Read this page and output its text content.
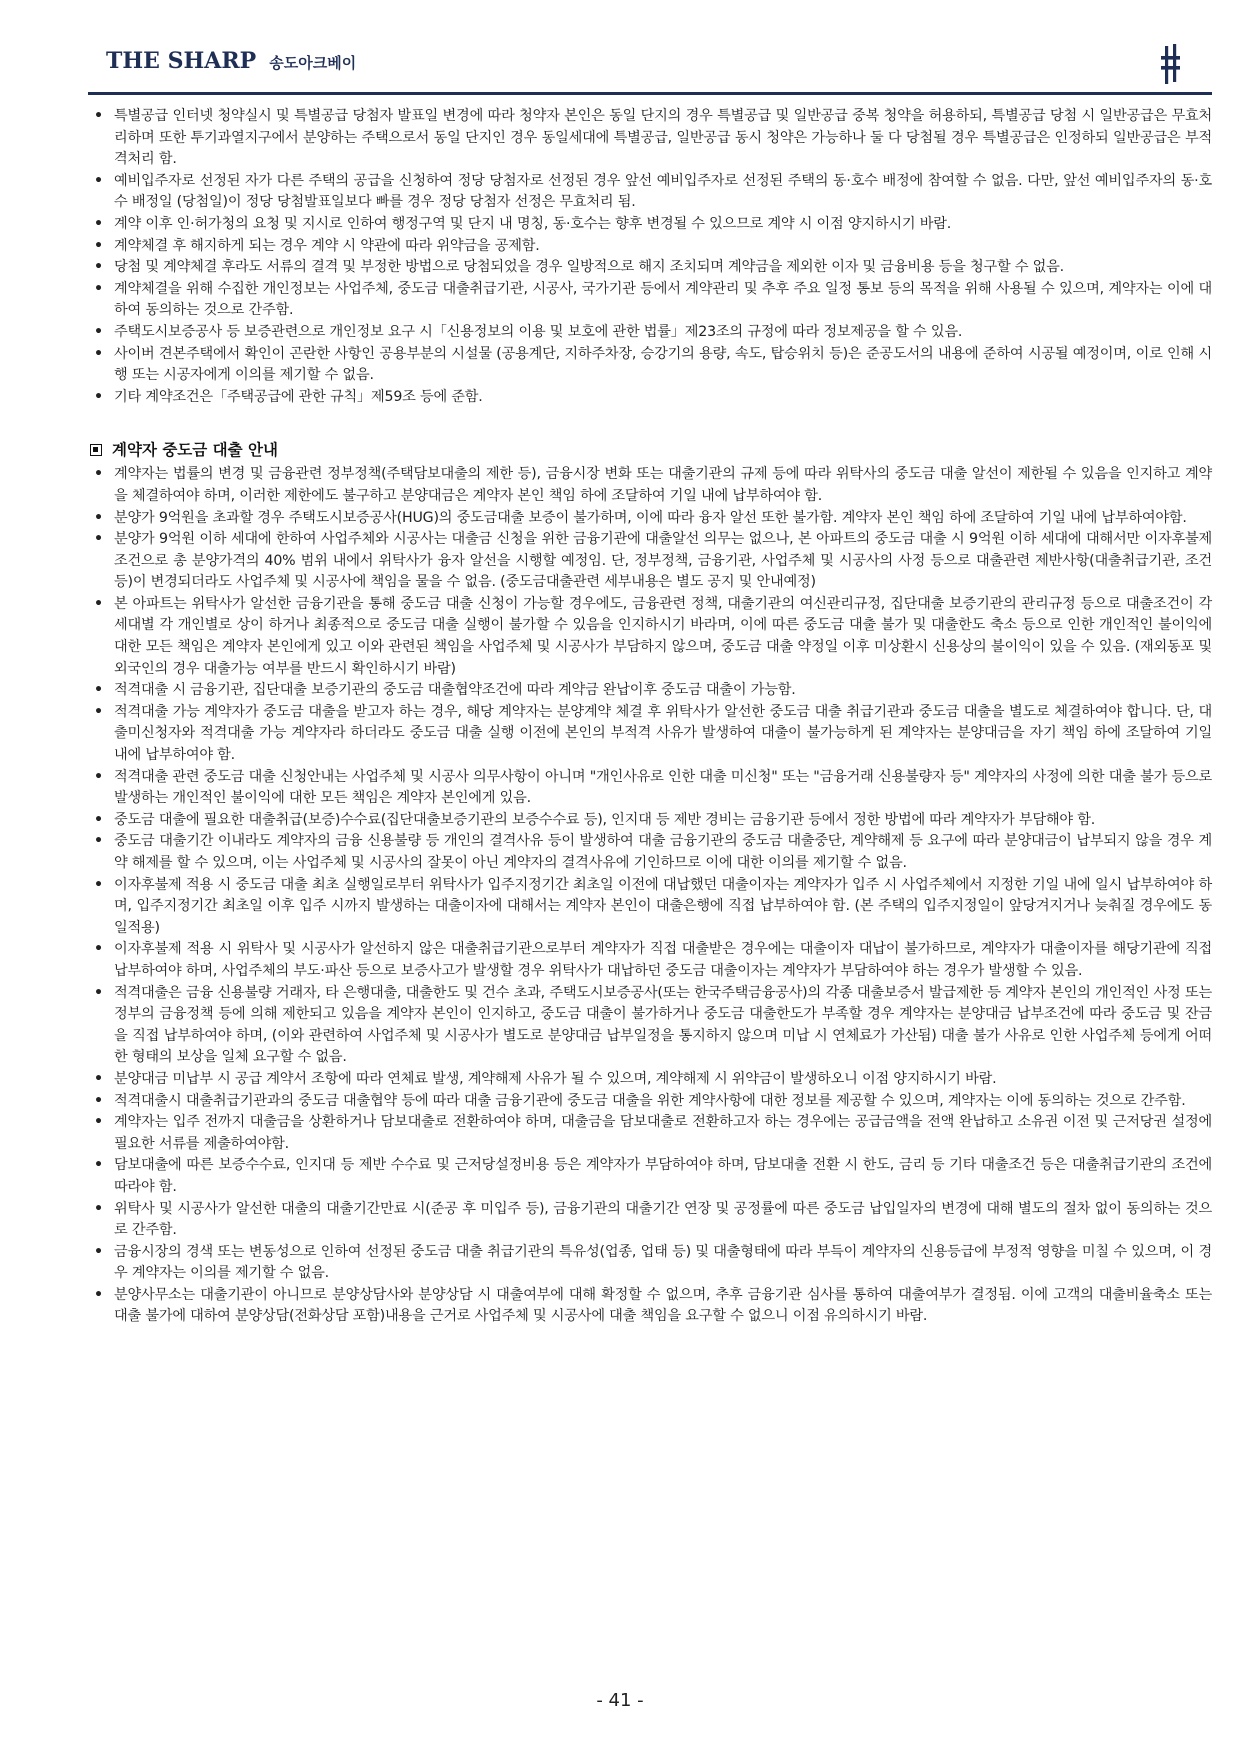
THE SHARP 송도아크베이
• 특별공급 인터넷 청약실시 및 특별공급 당첨자 발표일 변경에 따라 청약자 본인은 동일 단지의 경우 특별공급 및 일반공급 중복 청약을 허용하되, 특별공급 당첨 시 일반공급은 무효처리하며 또한 투기과열지구에서 분양하는 주택으로서 동일 단지인 경우 동일세대에 특별공급, 일반공급 동시 청약은 가능하나 둘 다 당첨될 경우 특별공급은 인정하되 일반공급은 부적격처리 함.
• 예비입주자로 선정된 자가 다른 주택의 공급을 신청하여 정당 당첨자로 선정된 경우 앞선 예비입주자로 선정된 주택의 동·호수 배정에 참여할 수 없음. 다만, 앞선 예비입주자의 동·호수 배정일 (당첨일)이 정당 당첨발표일보다 빠를 경우 정당 당첨자 선정은 무효처리 됨.
• 계약 이후 인·허가청의 요청 및 지시로 인하여 행정구역 및 단지 내 명칭, 동·호수는 향후 변경될 수 있으므로 계약 시 이점 양지하시기 바람.
• 계약체결 후 해지하게 되는 경우 계약 시 약관에 따라 위약금을 공제함.
• 당첨 및 계약체결 후라도 서류의 결격 및 부정한 방법으로 당첨되었을 경우 일방적으로 해지 조치되며 계약금을 제외한 이자 및 금융비용 등을 청구할 수 없음.
• 계약체결을 위해 수집한 개인정보는 사업주체, 중도금 대출취급기관, 시공사, 국가기관 등에서 계약관리 및 추후 주요 일정 통보 등의 목적을 위해 사용될 수 있으며, 계약자는 이에 대하여 동의하는 것으로 간주함.
• 주택도시보증공사 등 보증관련으로 개인정보 요구 시「신용정보의 이용 및 보호에 관한 법률」제23조의 규정에 따라 정보제공을 할 수 있음.
• 사이버 견본주택에서 확인이 곤란한 사항인 공용부분의 시설물 (공용계단, 지하주차장, 승강기의 용량, 속도, 탑승위치 등)은 준공도서의 내용에 준하여 시공될 예정이며, 이로 인해 시행 또는 시공자에게 이의를 제기할 수 없음.
• 기타 계약조건은「주택공급에 관한 규칙」제59조 등에 준함.
계약자 중도금 대출 안내
• 계약자는 법률의 변경 및 금융관련 정부정책(주택담보대출의 제한 등), 금융시장 변화 또는 대출기관의 규제 등에 따라 위탁사의 중도금 대출 알선이 제한될 수 있음을 인지하고 계약을 체결하여야 하며, 이러한 제한에도 불구하고 분양대금은 계약자 본인 책임 하에 조달하여 기일 내에 납부하여야 함.
• 분양가 9억원을 초과할 경우 주택도시보증공사(HUG)의 중도금대출 보증이 불가하며, 이에 따라 융자 알선 또한 불가함. 계약자 본인 책임 하에 조달하여 기일 내에 납부하여야함.
• 분양가 9억원 이하 세대에 한하여 사업주체와 시공사는 대출금 신청을 위한 금융기관에 대출알선 의무는 없으나, 본 아파트의 중도금 대출 시 9억원 이하 세대에 대해서만 이자후불제 조건으로 총 분양가격의 40% 범위 내에서 위탁사가 융자 알선을 시행할 예정임. 단, 정부정책, 금융기관, 사업주체 및 시공사의 사정 등으로 대출관련 제반사항(대출취급기관, 조건 등)이 변경되더라도 사업주체 및 시공사에 책임을 물을 수 없음. (중도금대출관련 세부내용은 별도 공지 및 안내예정)
• 본 아파트는 위탁사가 알선한 금융기관을 통해 중도금 대출 신청이 가능할 경우에도, 금융관련 정책, 대출기관의 여신관리규정, 집단대출 보증기관의 관리규정 등으로 대출조건이 각 세대별 각 개인별로 상이 하거나 최종적으로 중도금 대출 실행이 불가할 수 있음을 인지하시기 바라며, 이에 따른 중도금 대출 불가 및 대출한도 축소 등으로 인한 개인적인 불이익에 대한 모든 책임은 계약자 본인에게 있고 이와 관련된 책임을 사업주체 및 시공사가 부담하지 않으며, 중도금 대출 약정일 이후 미상환시 신용상의 불이익이 있을 수 있음. (재외동포 및 외국인의 경우 대출가능 여부를 반드시 확인하시기 바람)
• 적격대출 시 금융기관, 집단대출 보증기관의 중도금 대출협약조건에 따라 계약금 완납이후 중도금 대출이 가능함.
• 적격대출 가능 계약자가 중도금 대출을 받고자 하는 경우, 해당 계약자는 분양계약 체결 후 위탁사가 알선한 중도금 대출 취급기관과 중도금 대출을 별도로 체결하여야 합니다. 단, 대출미신청자와 적격대출 가능 계약자라 하더라도 중도금 대출 실행 이전에 본인의 부적격 사유가 발생하여 대출이 불가능하게 된 계약자는 분양대금을 자기 책임 하에 조달하여 기일 내에 납부하여야 함.
• 적격대출 관련 중도금 대출 신청안내는 사업주체 및 시공사 의무사항이 아니며 "개인사유로 인한 대출 미신청" 또는 "금융거래 신용불량자 등" 계약자의 사정에 의한 대출 불가 등으로 발생하는 개인적인 불이익에 대한 모든 책임은 계약자 본인에게 있음.
• 중도금 대출에 필요한 대출취급(보증)수수료(집단대출보증기관의 보증수수료 등), 인지대 등 제반 경비는 금융기관 등에서 정한 방법에 따라 계약자가 부담해야 함.
• 중도금 대출기간 이내라도 계약자의 금융 신용불량 등 개인의 결격사유 등이 발생하여 대출 금융기관의 중도금 대출중단, 계약해제 등 요구에 따라 분양대금이 납부되지 않을 경우 계약 해제를 할 수 있으며, 이는 사업주체 및 시공사의 잘못이 아닌 계약자의 결격사유에 기인하므로 이에 대한 이의를 제기할 수 없음.
• 이자후불제 적용 시 중도금 대출 최초 실행일로부터 위탁사가 입주지정기간 최초일 이전에 대납했던 대출이자는 계약자가 입주 시 사업주체에서 지정한 기일 내에 일시 납부하여야 하며, 입주지정기간 최초일 이후 입주 시까지 발생하는 대출이자에 대해서는 계약자 본인이 대출은행에 직접 납부하여야 함. (본 주택의 입주지정일이 앞당겨지거나 늦춰질 경우에도 동일적용)
• 이자후불제 적용 시 위탁사 및 시공사가 알선하지 않은 대출취급기관으로부터 계약자가 직접 대출받은 경우에는 대출이자 대납이 불가하므로, 계약자가 대출이자를 해당기관에 직접 납부하여야 하며, 사업주체의 부도·파산 등으로 보증사고가 발생할 경우 위탁사가 대납하던 중도금 대출이자는 계약자가 부담하여야 하는 경우가 발생할 수 있음.
• 적격대출은 금융 신용불량 거래자, 타 은행대출, 대출한도 및 건수 초과, 주택도시보증공사(또는 한국주택금융공사)의 각종 대출보증서 발급제한 등 계약자 본인의 개인적인 사정 또는 정부의 금융정책 등에 의해 제한되고 있음을 계약자 본인이 인지하고, 중도금 대출이 불가하거나 중도금 대출한도가 부족할 경우 계약자는 분양대금 납부조건에 따라 중도금 및 잔금을 직접 납부하여야 하며, (이와 관련하여 사업주체 및 시공사가 별도로 분양대금 납부일정을 통지하지 않으며 미납 시 연체료가 가산됨) 대출 불가 사유로 인한 사업주체 등에게 어떠한 형태의 보상을 일체 요구할 수 없음.
• 분양대금 미납부 시 공급 계약서 조항에 따라 연체료 발생, 계약해제 사유가 될 수 있으며, 계약해제 시 위약금이 발생하오니 이점 양지하시기 바람.
• 적격대출시 대출취급기관과의 중도금 대출협약 등에 따라 대출 금융기관에 중도금 대출을 위한 계약사항에 대한 정보를 제공할 수 있으며, 계약자는 이에 동의하는 것으로 간주함.
• 계약자는 입주 전까지 대출금을 상환하거나 담보대출로 전환하여야 하며, 대출금을 담보대출로 전환하고자 하는 경우에는 공급금액을 전액 완납하고 소유권 이전 및 근저당권 설정에 필요한 서류를 제출하여야함.
• 담보대출에 따른 보증수수료, 인지대 등 제반 수수료 및 근저당설정비용 등은 계약자가 부담하여야 하며, 담보대출 전환 시 한도, 금리 등 기타 대출조건 등은 대출취급기관의 조건에 따라야 함.
• 위탁사 및 시공사가 알선한 대출의 대출기간만료 시(준공 후 미입주 등), 금융기관의 대출기간 연장 및 공정률에 따른 중도금 납입일자의 변경에 대해 별도의 절차 없이 동의하는 것으로 간주함.
• 금융시장의 경색 또는 변동성으로 인하여 선정된 중도금 대출 취급기관의 특유성(업종, 업태 등) 및 대출형태에 따라 부득이 계약자의 신용등급에 부정적 영향을 미칠 수 있으며, 이 경우 계약자는 이의를 제기할 수 없음.
• 분양사무소는 대출기관이 아니므로 분양상담사와 분양상담 시 대출여부에 대해 확정할 수 없으며, 추후 금융기관 심사를 통하여 대출여부가 결정됨. 이에 고객의 대출비율축소 또는 대출 불가에 대하여 분양상담(전화상담 포함)내용을 근거로 사업주체 및 시공사에 대출 책임을 요구할 수 없으니 이점 유의하시기 바람.
- 41 -
